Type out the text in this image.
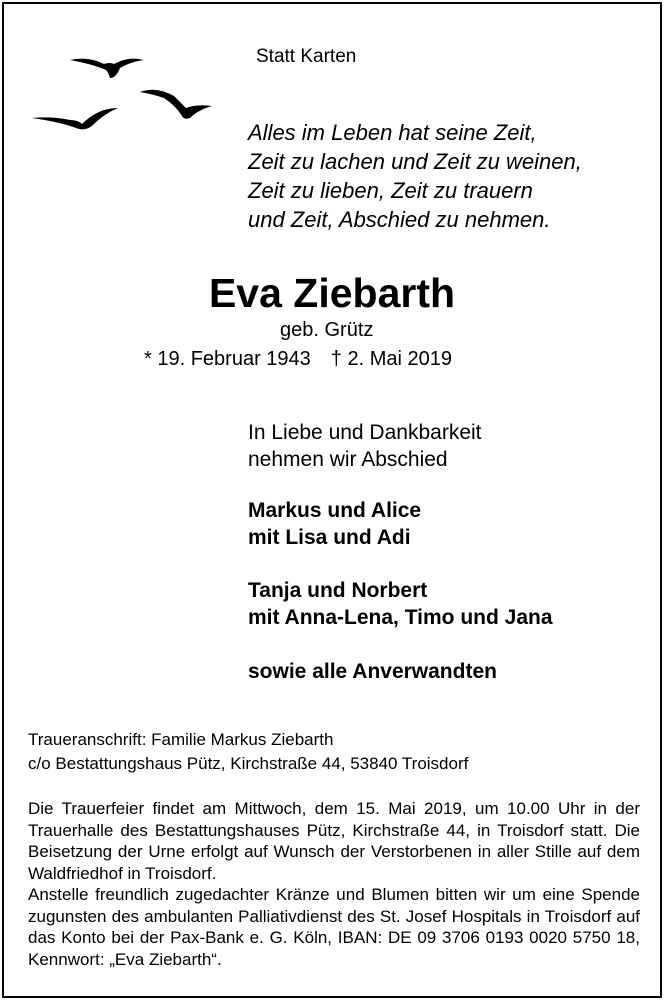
Statt Karten
Alles im Leben hat seine Zeit,
Zeit zu lachen und Zeit zu weinen,
Zeit zu lieben, Zeit zu trauern
und Zeit, Abschied zu nehmen.
Eva Ziebarth
geb. Grütz
* 19. Februar 1943 † 2. Mai 2019
In Liebe und Dankbarkeit
nehmen wir Abschied
Markus und Alice
mit Lisa und Adi
Tanja und Norbert
mit Anna-Lena, Timo und Jana
sowie alle Anverwandten
Traueranschrift: Familie Markus Ziebarth
c/o Bestattungshaus Pütz, Kirchstraße 44, 53840 Troisdorf

Die Trauerfeier findet am Mittwoch, dem 15. Mai 2019, um 10.00 Uhr in der Trauerhalle des Bestattungshauses Pütz, Kirchstraße 44, in Troisdorf statt. Die Beisetzung der Urne erfolgt auf Wunsch der Verstorbenen in aller Stille auf dem Waldfriedhof in Troisdorf.

Anstelle freundlich zugedachter Kränze und Blumen bitten wir um eine Spende zugunsten des ambulanten Palliativdienst des St. Josef Hospitals in Troisdorf auf das Konto bei der Pax-Bank e. G. Köln, IBAN: DE 09 3706 0193 0020 5750 18, Kennwort: „Eva Ziebarth“.
